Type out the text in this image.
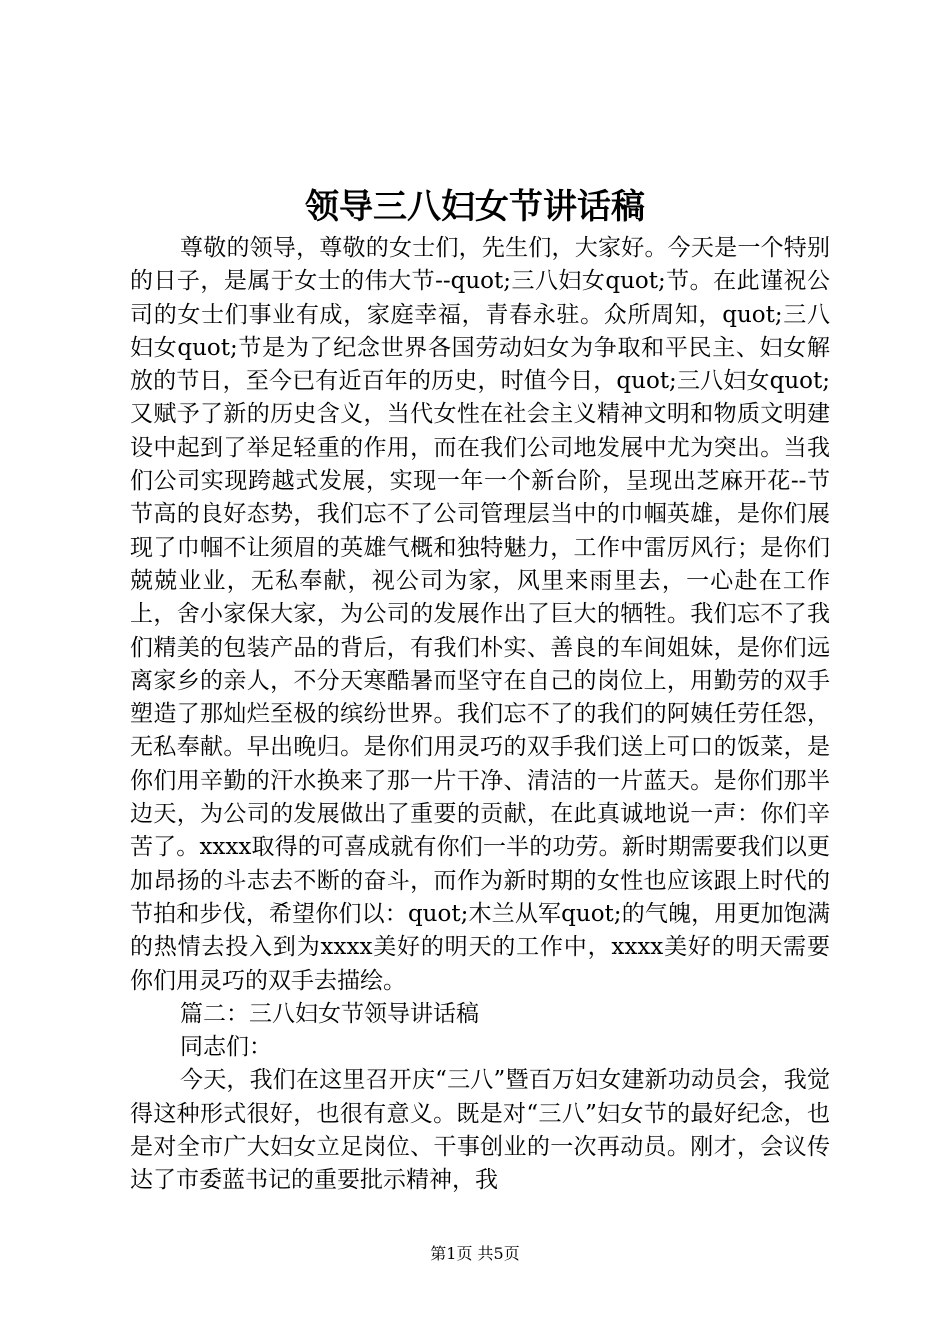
领导三八妇女节讲话稿

尊敬的领导，尊敬的女士们，先生们，大家好。今天是一个特别的日子，是属于女士的伟大节--quot;三八妇女quot;节。在此谨祝公司的女士们事业有成，家庭幸福，青春永驻。众所周知，quot;三八妇女quot;节是为了纪念世界各国劳动妇女为争取和平民主、妇女解放的节日，至今已有近百年的历史，时值今日，quot;三八妇女quot;又赋予了新的历史含义，当代女性在社会主义精神文明和物质文明建设中起到了举足轻重的作用，而在我们公司地发展中尤为突出。当我们公司实现跨越式发展，实现一年一个新台阶，呈现出芝麻开花--节节高的良好态势，我们忘不了公司管理层当中的巾帼英雄，是你们展现了巾帼不让须眉的英雄气概和独特魅力，工作中雷厉风行；是你们兢兢业业，无私奉献，视公司为家，风里来雨里去，一心赴在工作上，舍小家保大家，为公司的发展作出了巨大的牺牲。我们忘不了我们精美的包装产品的背后，有我们朴实、善良的车间姐妹，是你们远离家乡的亲人，不分天寒酷暑而坚守在自己的岗位上，用勤劳的双手塑造了那灿烂至极的缤纷世界。我们忘不了的我们的阿姨任劳任怨，无私奉献。早出晚归。是你们用灵巧的双手我们送上可口的饭菜，是你们用辛勤的汗水换来了那一片干净、清洁的一片蓝天。是你们那半边天，为公司的发展做出了重要的贡献，在此真诚地说一声：你们辛苦了。xxxx取得的可喜成就有你们一半的功劳。新时期需要我们以更加昂扬的斗志去不断的奋斗，而作为新时期的女性也应该跟上时代的节拍和步伐，希望你们以：quot;木兰从军quot;的气魄，用更加饱满的热情去投入到为xxxx美好的明天的工作中，xxxx美好的明天需要你们用灵巧的双手去描绘。

篇二：三八妇女节领导讲话稿

同志们：

今天，我们在这里召开庆“三八”暨百万妇女建新功动员会，我觉得这种形式很好，也很有意义。既是对“三八”妇女节的最好纪念，也是对全市广大妇女立足岗位、干事创业的一次再动员。刚才，会议传达了市委蓝书记的重要批示精神，我

第1页 共5页
